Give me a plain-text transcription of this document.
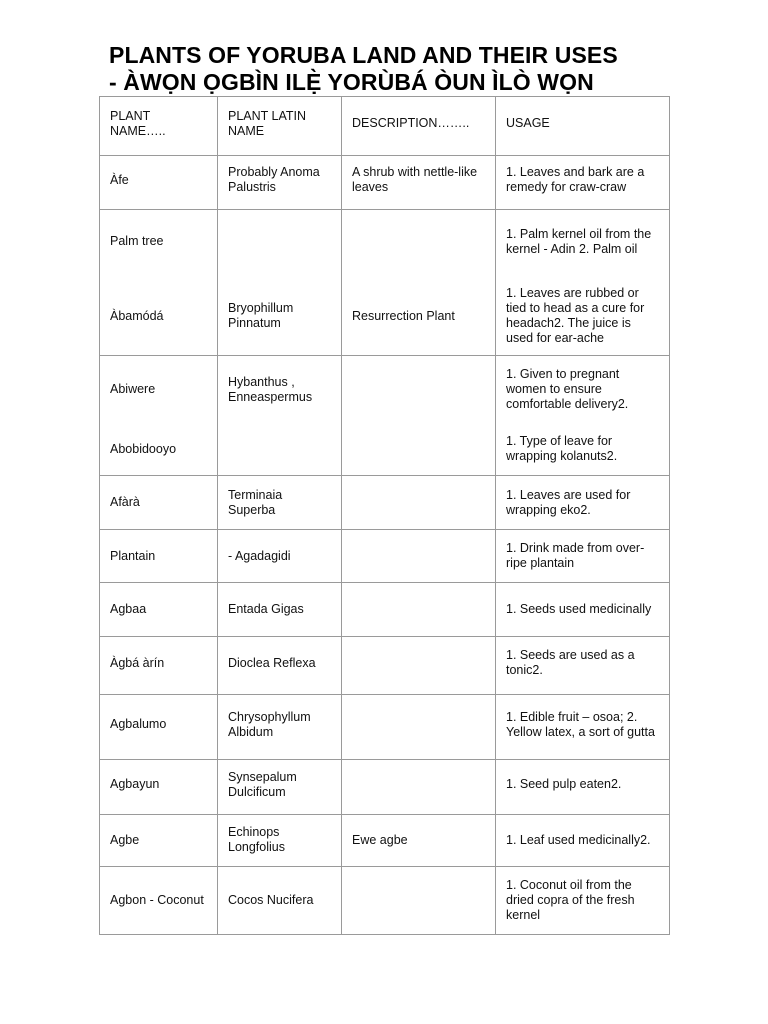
PLANTS OF YORUBA LAND AND THEIR USES
- ÀWỌN ỌGBÌN ILẸ̀ YORÙBÁ ÒUN ÌLÒ WỌN
PLANT NAME…..	PLANT LATIN NAME	DESCRIPTION……..	USAGE

Àfe	Probably Anoma Palustris	A shrub with nettle-like leaves	1. Leaves and bark are a remedy for craw-craw

Palm tree			1. Palm kernel oil from the kernel - Adin 2. Palm oil

Àbamódá	Bryophillum Pinnatum	Resurrection Plant	1. Leaves are rubbed or tied to head as a cure for headach2. The juice is used for ear-ache
Abiwere	Hybanthus , Enneaspermus		1. Given to pregnant women to ensure comfortable delivery2.
Abobidooyo			1. Type of leave for wrapping kolanuts2.
Afàrà	Terminaia Superba		1. Leaves are used for wrapping eko2.
Plantain	- Agadagidi		1. Drink made from over-ripe plantain
Agbaa	Entada Gigas		1. Seeds used medicinally
Àgbá àrín	Dioclea Reflexa		1. Seeds are used as a tonic2.

Agbalumo	Chrysophyllum Albidum		1. Edible fruit – osoa; 2. Yellow latex, a sort of gutta

Agbayun	Synsepalum Dulcificum		1. Seed pulp eaten2.

Agbe	Echinops Longfolius	Ewe agbe	1. Leaf used medicinally2.
Agbon - Coconut	Cocos Nucifera		1. Coconut oil from the dried copra of the fresh kernel
